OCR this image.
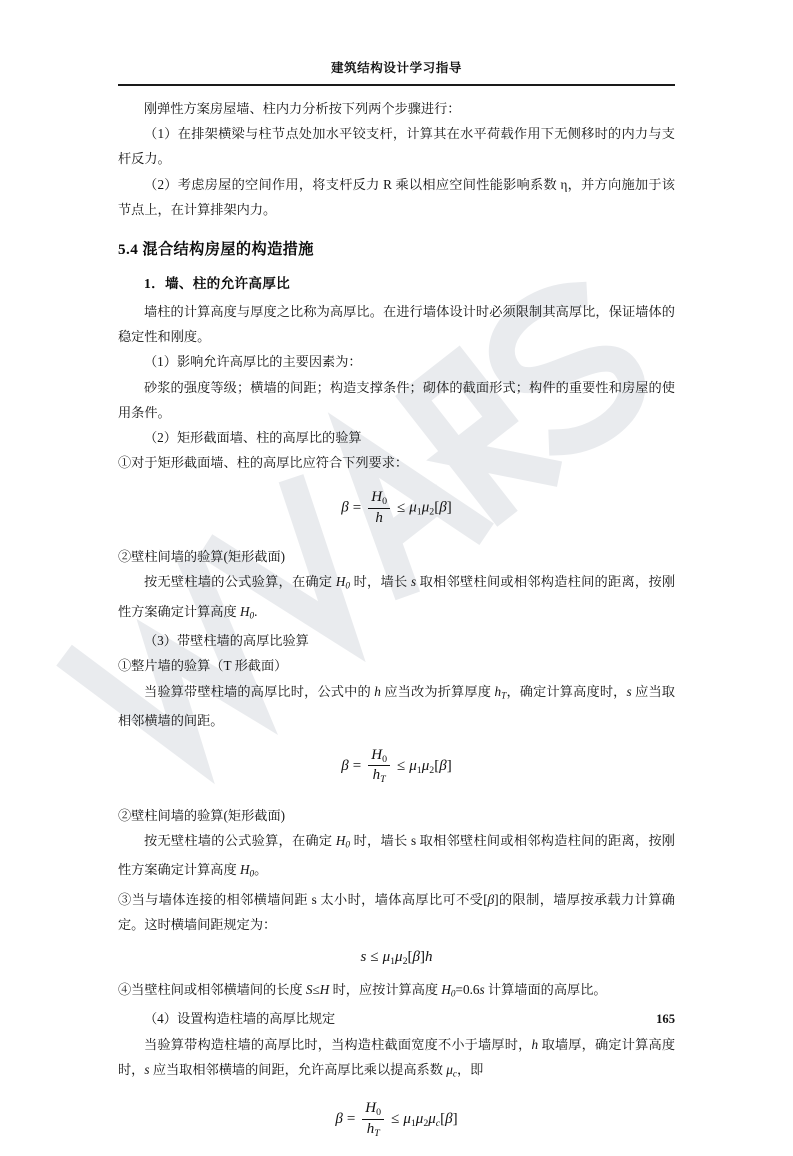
建筑结构设计学习指导

刚弹性方案房屋墙、柱内力分析按下列两个步骤进行：

（1）在排架横梁与柱节点处加水平铰支杆，计算其在水平荷载作用下无侧移时的内力与支杆反力。

（2）考虑房屋的空间作用，将支杆反力 R 乘以相应空间性能影响系数 η，并方向施加于该节点上，在计算排架内力。

5.4 混合结构房屋的构造措施
1．墙、柱的允许高厚比

墙柱的计算高度与厚度之比称为高厚比。在进行墙体设计时必须限制其高厚比，保证墙体的稳定性和刚度。

（1）影响允许高厚比的主要因素为：

砂浆的强度等级；横墙的间距；构造支撑条件；砌体的截面形式；构件的重要性和房屋的使用条件。

（2）矩形截面墙、柱的高厚比的验算

①对于矩形截面墙、柱的高厚比应符合下列要求：

$\beta = \frac{H0}{h} \le \mu 1\mu 2[\beta]$

②壁柱间墙的验算(矩形截面)

按无壁柱墙的公式验算，在确定 H0 时，墙长 s 取相邻壁柱间或相邻构造柱间的距离，按刚性方案确定计算高度 H0.

（3）带壁柱墙的高厚比验算

①整片墙的验算（T 形截面）

当验算带壁柱墙的高厚比时，公式中的 h 应当改为折算厚度 hT，确定计算高度时，s 应当取相邻横墙的间距。

$\beta = \frac{H0}{h_T} \le \mu 1\mu 2[\beta]$

②壁柱间墙的验算(矩形截面)

按无壁柱墙的公式验算，在确定 H0 时，墙长 s 取相邻壁柱间或相邻构造柱间的距离，按刚性方案确定计算高度 H0。

③当与墙体连接的相邻横墙间距 s 太小时，墙体高厚比可不受[β]的限制，墙厚按承载力计算确定。这时横墙间距规定为：

s ≤ μ1μ2[β]h

④当壁柱间或相邻横墙间的长度 S≤H 时，应按计算高度 H0=0.6s 计算墙面的高厚比。

（4）设置构造柱墙的高厚比规定

当验算带构造柱墙的高厚比时，当构造柱截面宽度不小于墙厚时，h 取墙厚，确定计算高度时，s 应当取相邻横墙的间距，允许高厚比乘以提高系数 μc，即

$\beta = \frac{H0}{h_T} \le \mu 1\mu 2\mu_c[\beta]$
165
